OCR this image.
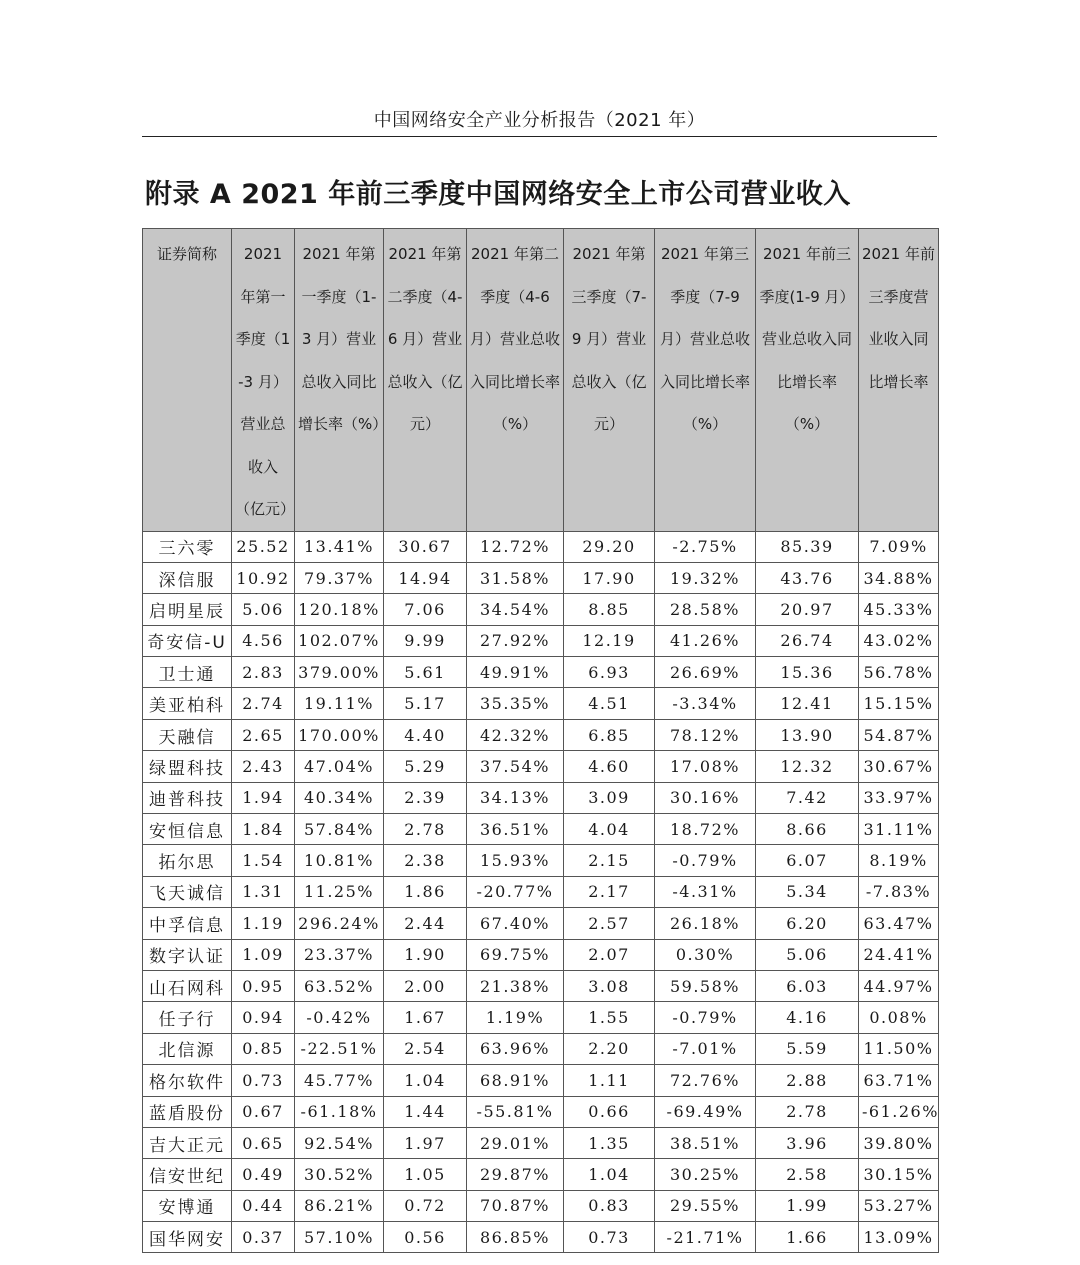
中国网络安全产业分析报告（2021 年）
附录 A 2021 年前三季度中国网络安全上市公司营业收入
证券简称	2021 年第一季度（1-3 月）营业总收入（亿元）	2021 年第一季度（1-3 月）营业总收入同比增长率（%）	2021 年第二季度（4-6 月）营业总收入（亿元）	2021 年第二季度（4-6 月）营业总收入同比增长率（%）	2021 年第三季度（7-9 月）营业总收入（亿元）	2021 年第三季度（7-9 月）营业总收入同比增长率（%）	2021 年前三季度(1-9 月）营业总收入同比增长率（%）	2021 年前三季度营业收入同比增长率
三六零	25.52	13.41%	30.67	12.72%	29.20	-2.75%	85.39	7.09%
深信服	10.92	79.37%	14.94	31.58%	17.90	19.32%	43.76	34.88%
启明星辰	5.06	120.18%	7.06	34.54%	8.85	28.58%	20.97	45.33%
奇安信-U	4.56	102.07%	9.99	27.92%	12.19	41.26%	26.74	43.02%
卫士通	2.83	379.00%	5.61	49.91%	6.93	26.69%	15.36	56.78%
美亚柏科	2.74	19.11%	5.17	35.35%	4.51	-3.34%	12.41	15.15%
天融信	2.65	170.00%	4.40	42.32%	6.85	78.12%	13.90	54.87%
绿盟科技	2.43	47.04%	5.29	37.54%	4.60	17.08%	12.32	30.67%
迪普科技	1.94	40.34%	2.39	34.13%	3.09	30.16%	7.42	33.97%
安恒信息	1.84	57.84%	2.78	36.51%	4.04	18.72%	8.66	31.11%
拓尔思	1.54	10.81%	2.38	15.93%	2.15	-0.79%	6.07	8.19%
飞天诚信	1.31	11.25%	1.86	-20.77%	2.17	-4.31%	5.34	-7.83%
中孚信息	1.19	296.24%	2.44	67.40%	2.57	26.18%	6.20	63.47%
数字认证	1.09	23.37%	1.90	69.75%	2.07	0.30%	5.06	24.41%
山石网科	0.95	63.52%	2.00	21.38%	3.08	59.58%	6.03	44.97%
任子行	0.94	-0.42%	1.67	1.19%	1.55	-0.79%	4.16	0.08%
北信源	0.85	-22.51%	2.54	63.96%	2.20	-7.01%	5.59	11.50%
格尔软件	0.73	45.77%	1.04	68.91%	1.11	72.76%	2.88	63.71%
蓝盾股份	0.67	-61.18%	1.44	-55.81%	0.66	-69.49%	2.78	-61.26%
吉大正元	0.65	92.54%	1.97	29.01%	1.35	38.51%	3.96	39.80%
信安世纪	0.49	30.52%	1.05	29.87%	1.04	30.25%	2.58	30.15%
安博通	0.44	86.21%	0.72	70.87%	0.83	29.55%	1.99	53.27%
国华网安	0.37	57.10%	0.56	86.85%	0.73	-21.71%	1.66	13.09%
